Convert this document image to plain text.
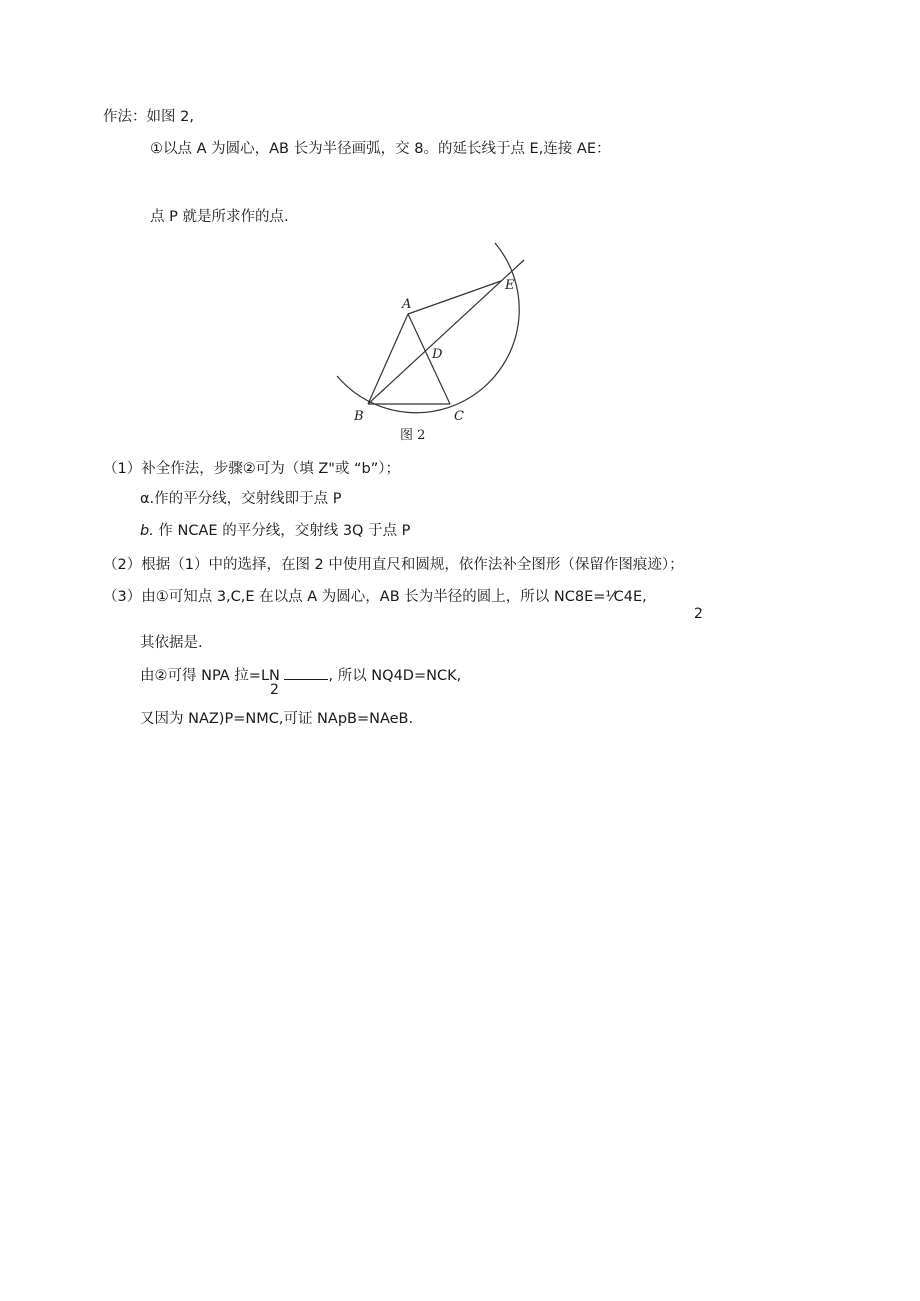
作法：如图 2,
①以点 A 为圆心，AB 长为半径画弧，交 8。的延长线于点 E,连接 AE：
点 P 就是所求作的点.
A
B	C
D
E
图 2
（1）补全作法，步骤②可为（填 Z"或 “b”）；
α.作的平分线，交射线即于点 P
b. 作 NCAE 的平分线，交射线 3Q 于点 P
（2）根据（1）中的选择，在图 2 中使用直尺和圆规，依作法补全图形（保留作图痕迹）；
（3）由①可知点 3,C,E 在以点 A 为圆心，AB 长为半径的圆上，所以 NC8E=⅟C4E,
2
其依据是.
由②可得 NPA 拉=LN	, 所以 NQ4D=NCK,
2
又因为 NAZ)P=NMC,可证 NApB=NAeB.
